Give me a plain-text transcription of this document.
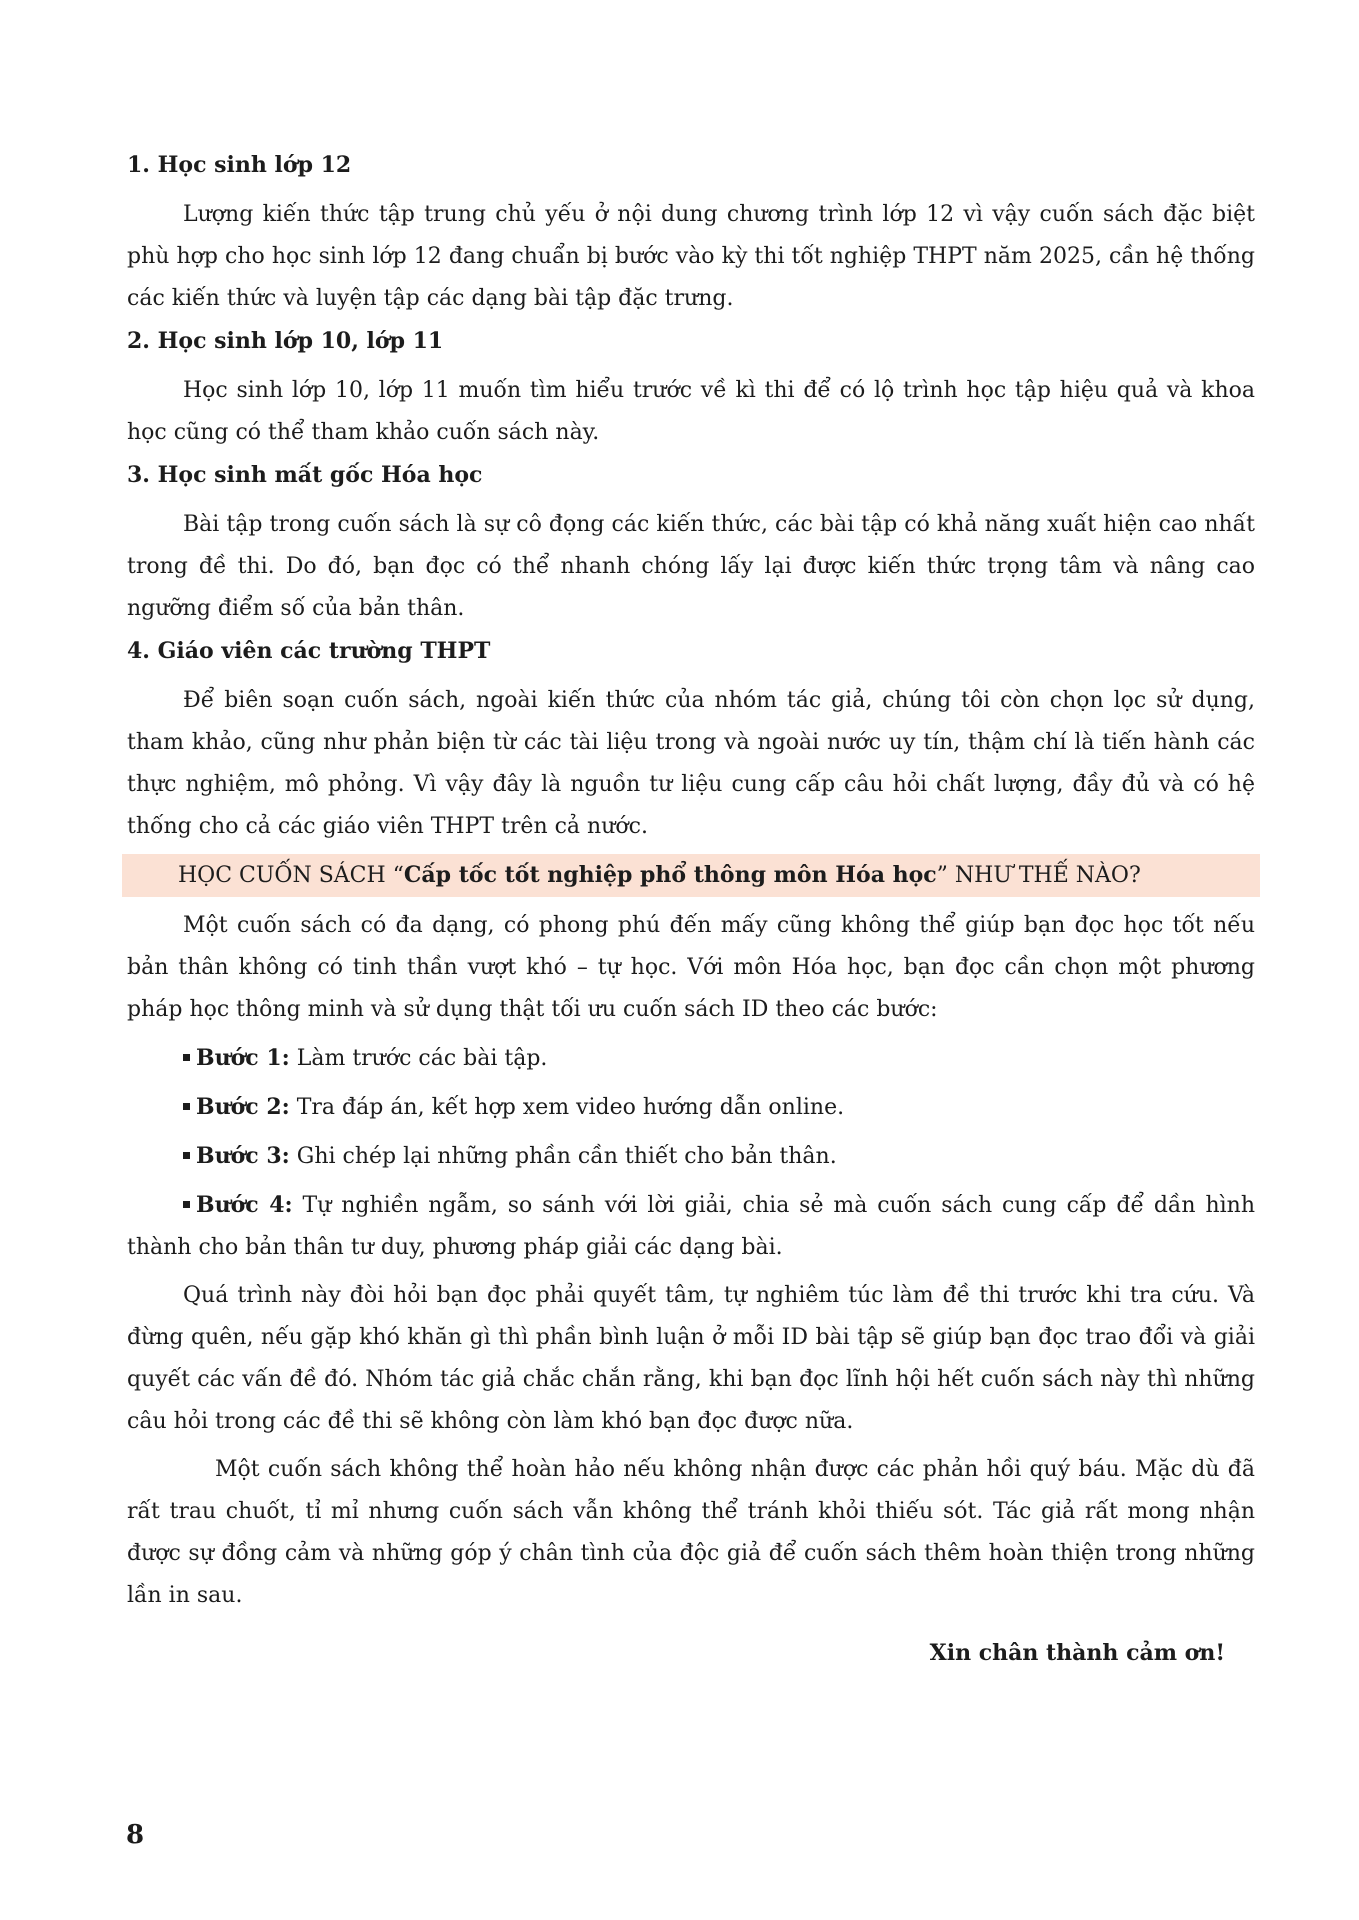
1. Học sinh lớp 12

Lượng kiến thức tập trung chủ yếu ở nội dung chương trình lớp 12 vì vậy cuốn sách đặc biệt phù hợp cho học sinh lớp 12 đang chuẩn bị bước vào kỳ thi tốt nghiệp THPT năm 2025, cần hệ thống các kiến thức và luyện tập các dạng bài tập đặc trưng.

2. Học sinh lớp 10, lớp 11

Học sinh lớp 10, lớp 11 muốn tìm hiểu trước về kì thi để có lộ trình học tập hiệu quả và khoa học cũng có thể tham khảo cuốn sách này.

3. Học sinh mất gốc Hóa học

Bài tập trong cuốn sách là sự cô đọng các kiến thức, các bài tập có khả năng xuất hiện cao nhất trong đề thi. Do đó, bạn đọc có thể nhanh chóng lấy lại được kiến thức trọng tâm và nâng cao ngưỡng điểm số của bản thân.

4. Giáo viên các trường THPT

Để biên soạn cuốn sách, ngoài kiến thức của nhóm tác giả, chúng tôi còn chọn lọc sử dụng, tham khảo, cũng như phản biện từ các tài liệu trong và ngoài nước uy tín, thậm chí là tiến hành các thực nghiệm, mô phỏng. Vì vậy đây là nguồn tư liệu cung cấp câu hỏi chất lượng, đầy đủ và có hệ thống cho cả các giáo viên THPT trên cả nước.

HỌC CUỐN SÁCH “Cấp tốc tốt nghiệp phổ thông môn Hóa học” NHƯ THẾ NÀO?

Một cuốn sách có đa dạng, có phong phú đến mấy cũng không thể giúp bạn đọc học tốt nếu bản thân không có tinh thần vượt khó – tự học. Với môn Hóa học, bạn đọc cần chọn một phương pháp học thông minh và sử dụng thật tối ưu cuốn sách ID theo các bước:

Bước 1: Làm trước các bài tập.
Bước 2: Tra đáp án, kết hợp xem video hướng dẫn online.
Bước 3: Ghi chép lại những phần cần thiết cho bản thân.
Bước 4: Tự nghiền ngẫm, so sánh với lời giải, chia sẻ mà cuốn sách cung cấp để dần hình thành cho bản thân tư duy, phương pháp giải các dạng bài.

Quá trình này đòi hỏi bạn đọc phải quyết tâm, tự nghiêm túc làm đề thi trước khi tra cứu. Và đừng quên, nếu gặp khó khăn gì thì phần bình luận ở mỗi ID bài tập sẽ giúp bạn đọc trao đổi và giải quyết các vấn đề đó. Nhóm tác giả chắc chắn rằng, khi bạn đọc lĩnh hội hết cuốn sách này thì những câu hỏi trong các đề thi sẽ không còn làm khó bạn đọc được nữa.

Một cuốn sách không thể hoàn hảo nếu không nhận được các phản hồi quý báu. Mặc dù đã rất trau chuốt, tỉ mỉ nhưng cuốn sách vẫn không thể tránh khỏi thiếu sót. Tác giả rất mong nhận được sự đồng cảm và những góp ý chân tình của độc giả để cuốn sách thêm hoàn thiện trong những lần in sau.

Xin chân thành cảm ơn!
8
